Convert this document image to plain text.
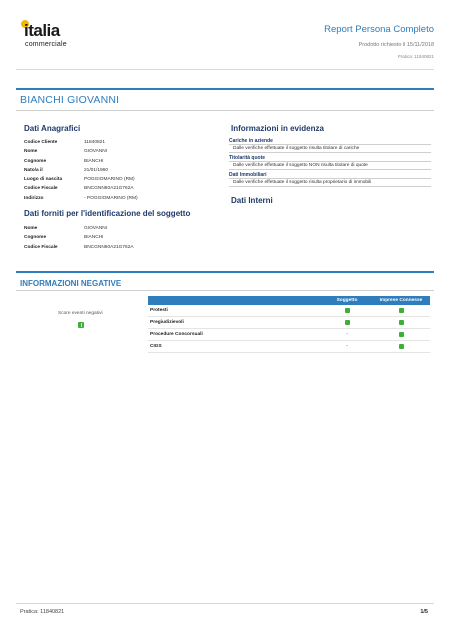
italia
commerciale
Report Persona Completo
Prodotto richiesto il 15/11/2018
Pratica: 11840821
BIANCHI GIOVANNI
Dati Anagrafici
Codice Cliente	11840821
Nome	GIOVANNI
Cognome	BIANCHI
Nato/a il	21/01/1960
Luogo di nascita	POGGIOMARINO (RM)
Codice Fiscale	BNCGNN60A21G762A
Indirizzo	- POGGIOMARINO (RM)
Dati forniti per l'identificazione del soggetto
Nome	GIOVANNI
Cognome	BIANCHI
Codice Fiscale	BNCGNN60A21G762A
Informazioni in evidenza
Cariche in aziende
Dalle verifiche effettuate il soggetto risulta titolare di cariche
Titolarità quote
Dalle verifiche effettuate il soggetto NON risulta titolare di quote
Dati Immobiliari
Dalle verifiche effettuate il soggetto risulta proprietario di immobili
Dati Interni
INFORMAZIONI NEGATIVE
Score eventi negativi
	Soggetto	Imprese Connesse
Protesti		
Pregiudizievoli		
Procedure Concorsuali	-	
CIGS	-	
Pratica: 11840821	1/5
